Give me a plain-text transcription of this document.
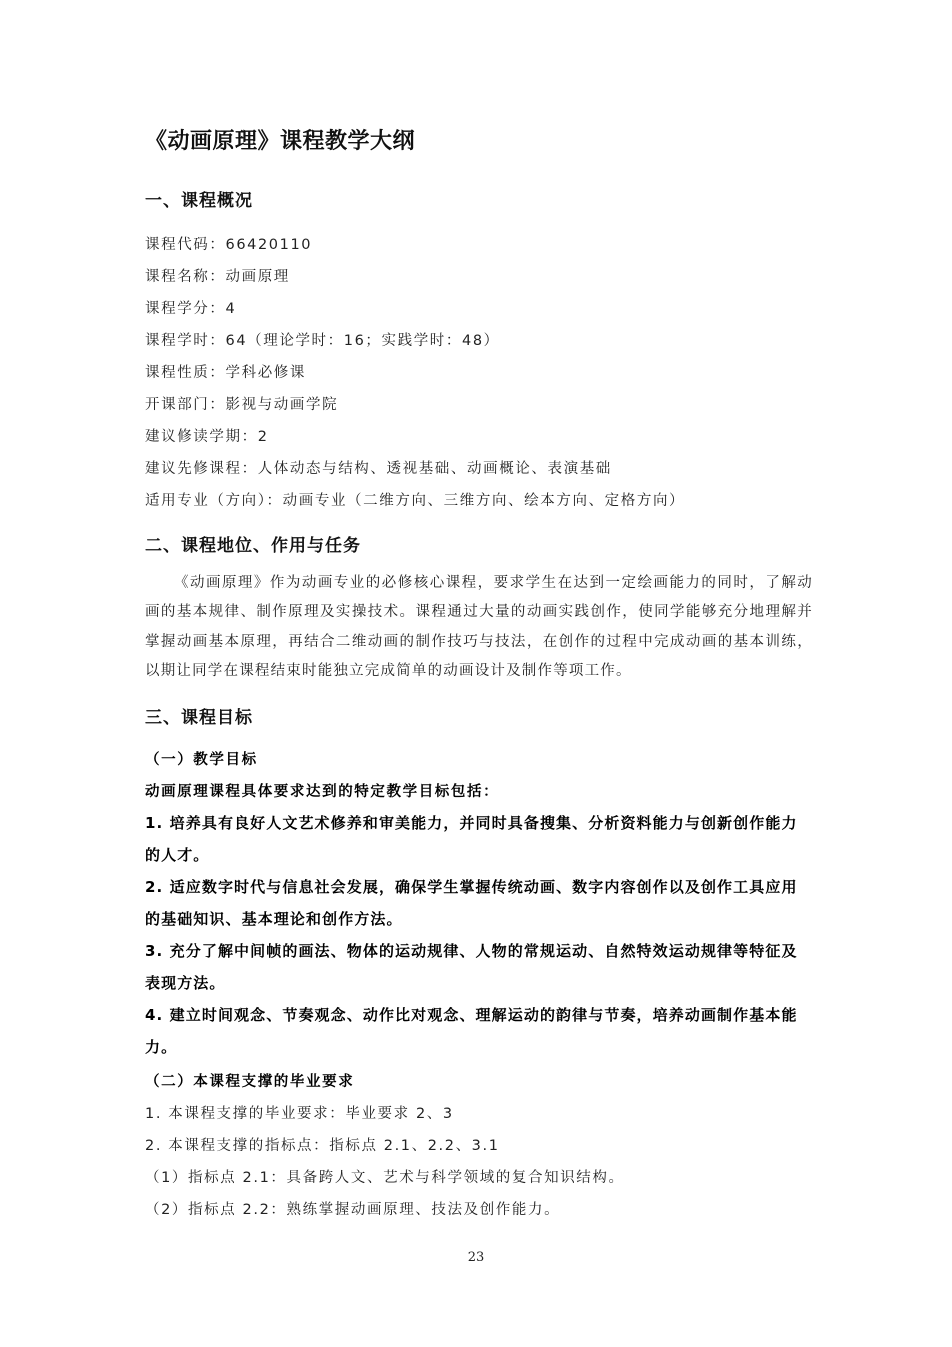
《动画原理》课程教学大纲
一、课程概况
课程代码：66420110
课程名称：动画原理
课程学分：4
课程学时：64（理论学时：16；实践学时：48）
课程性质：学科必修课
开课部门：影视与动画学院
建议修读学期：2
建议先修课程：人体动态与结构、透视基础、动画概论、表演基础
适用专业（方向）：动画专业（二维方向、三维方向、绘本方向、定格方向）
二、课程地位、作用与任务
《动画原理》作为动画专业的必修核心课程，要求学生在达到一定绘画能力的同时，了解动画的基本规律、制作原理及实操技术。课程通过大量的动画实践创作，使同学能够充分地理解并掌握动画基本原理，再结合二维动画的制作技巧与技法，在创作的过程中完成动画的基本训练，以期让同学在课程结束时能独立完成简单的动画设计及制作等项工作。
三、课程目标
（一）教学目标
动画原理课程具体要求达到的特定教学目标包括：
1. 培养具有良好人文艺术修养和审美能力，并同时具备搜集、分析资料能力与创新创作能力的人才。
2. 适应数字时代与信息社会发展，确保学生掌握传统动画、数字内容创作以及创作工具应用的基础知识、基本理论和创作方法。
3. 充分了解中间帧的画法、物体的运动规律、人物的常规运动、自然特效运动规律等特征及表现方法。
4. 建立时间观念、节奏观念、动作比对观念、理解运动的韵律与节奏，培养动画制作基本能力。
（二）本课程支撑的毕业要求
1. 本课程支撑的毕业要求：毕业要求 2、3
2. 本课程支撑的指标点：指标点 2.1、2.2、3.1
（1）指标点 2.1：具备跨人文、艺术与科学领域的复合知识结构。
（2）指标点 2.2：熟练掌握动画原理、技法及创作能力。
23
